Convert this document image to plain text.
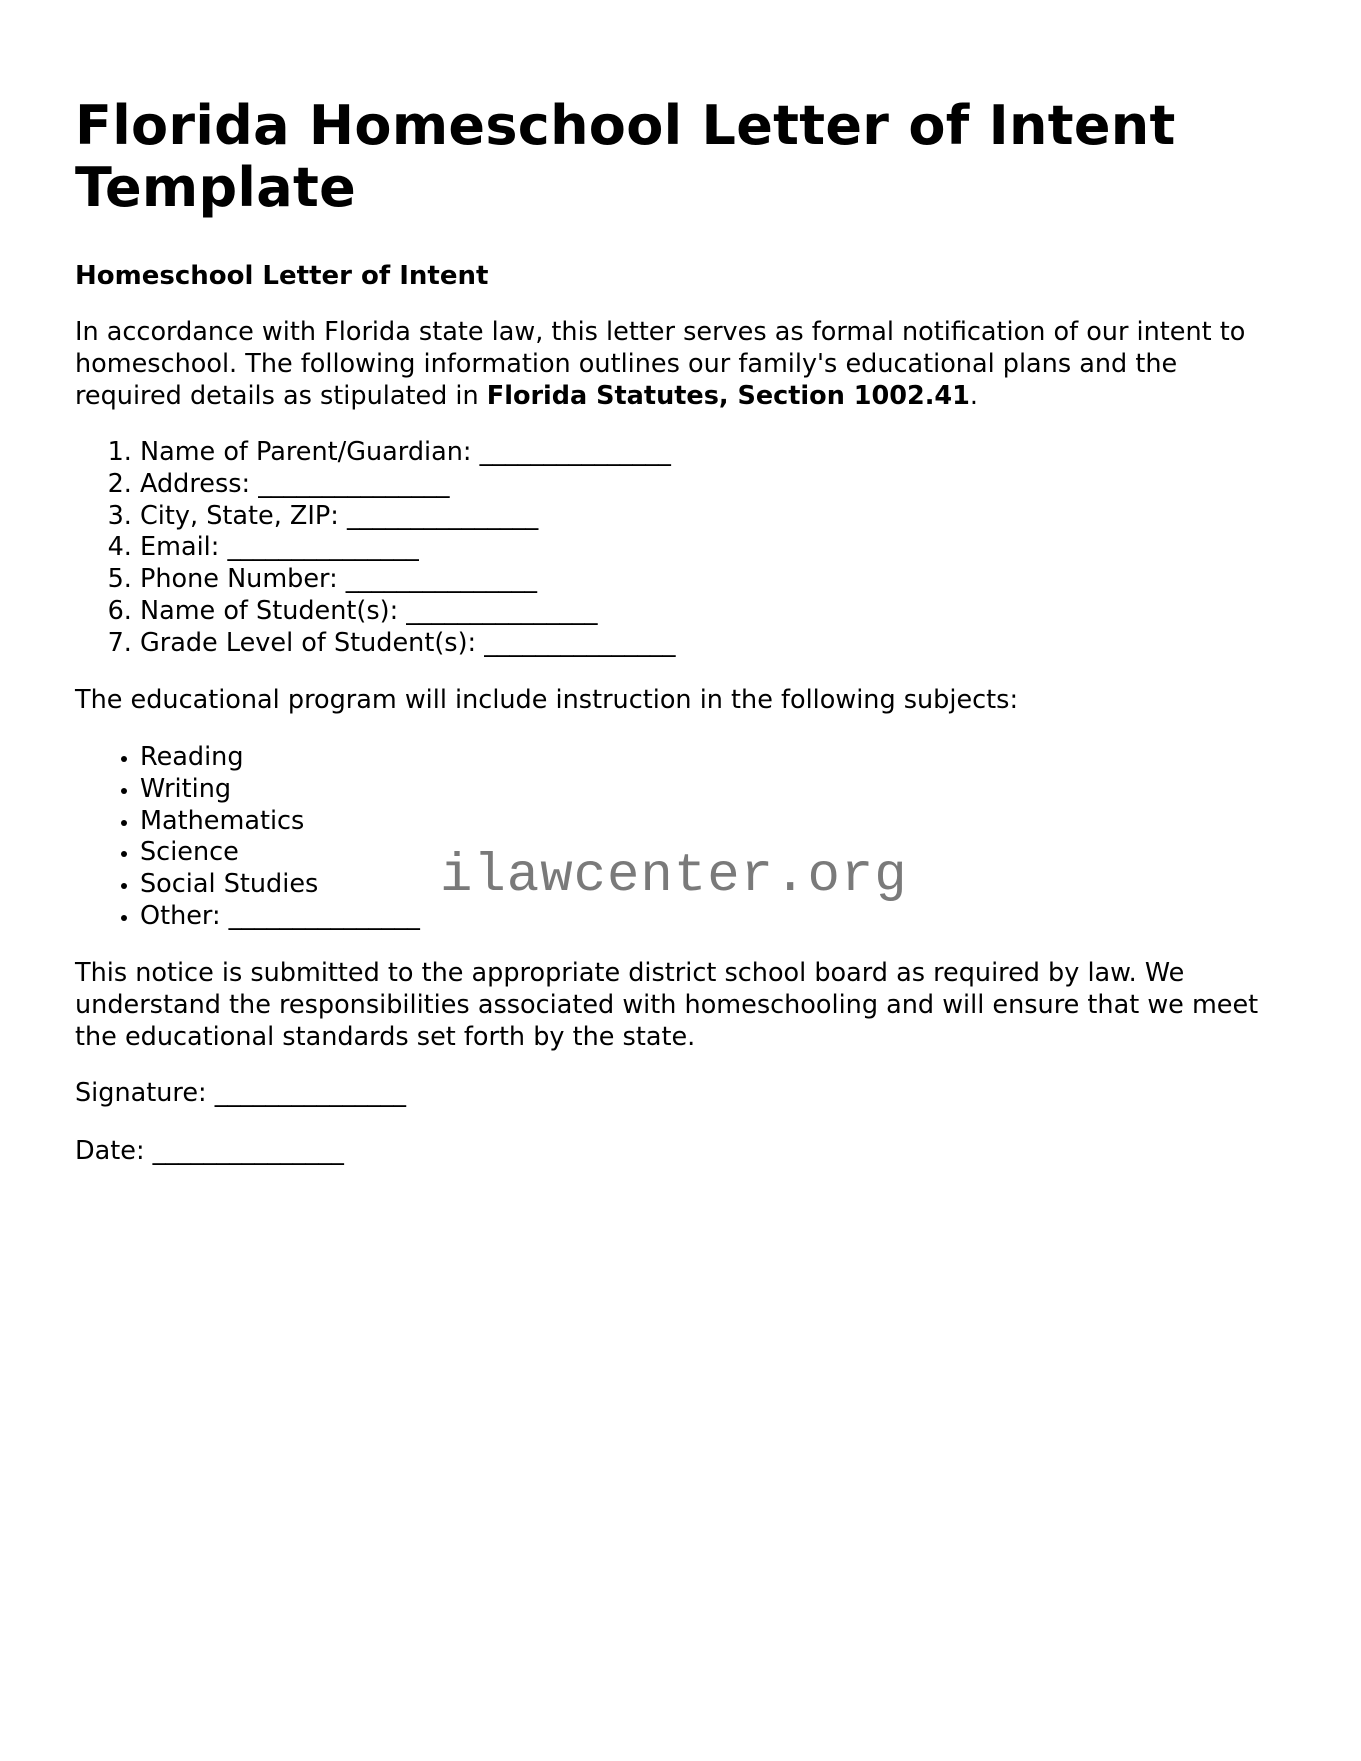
Florida Homeschool Letter of Intent Template
Homeschool Letter of Intent

In accordance with Florida state law, this letter serves as formal notification of our intent to homeschool. The following information outlines our family's educational plans and the required details as stipulated in Florida Statutes, Section 1002.41.

1. Name of Parent/Guardian: _______________
2. Address: _______________
3. City, State, ZIP: _______________
4. Email: _______________
5. Phone Number: _______________
6. Name of Student(s): _______________
7. Grade Level of Student(s): _______________

The educational program will include instruction in the following subjects:

• Reading
• Writing
• Mathematics
• Science
• Social Studies
• Other: _______________

This notice is submitted to the appropriate district school board as required by law. We understand the responsibilities associated with homeschooling and will ensure that we meet the educational standards set forth by the state.

Signature: _______________

Date: _______________

ilawcenter.org
